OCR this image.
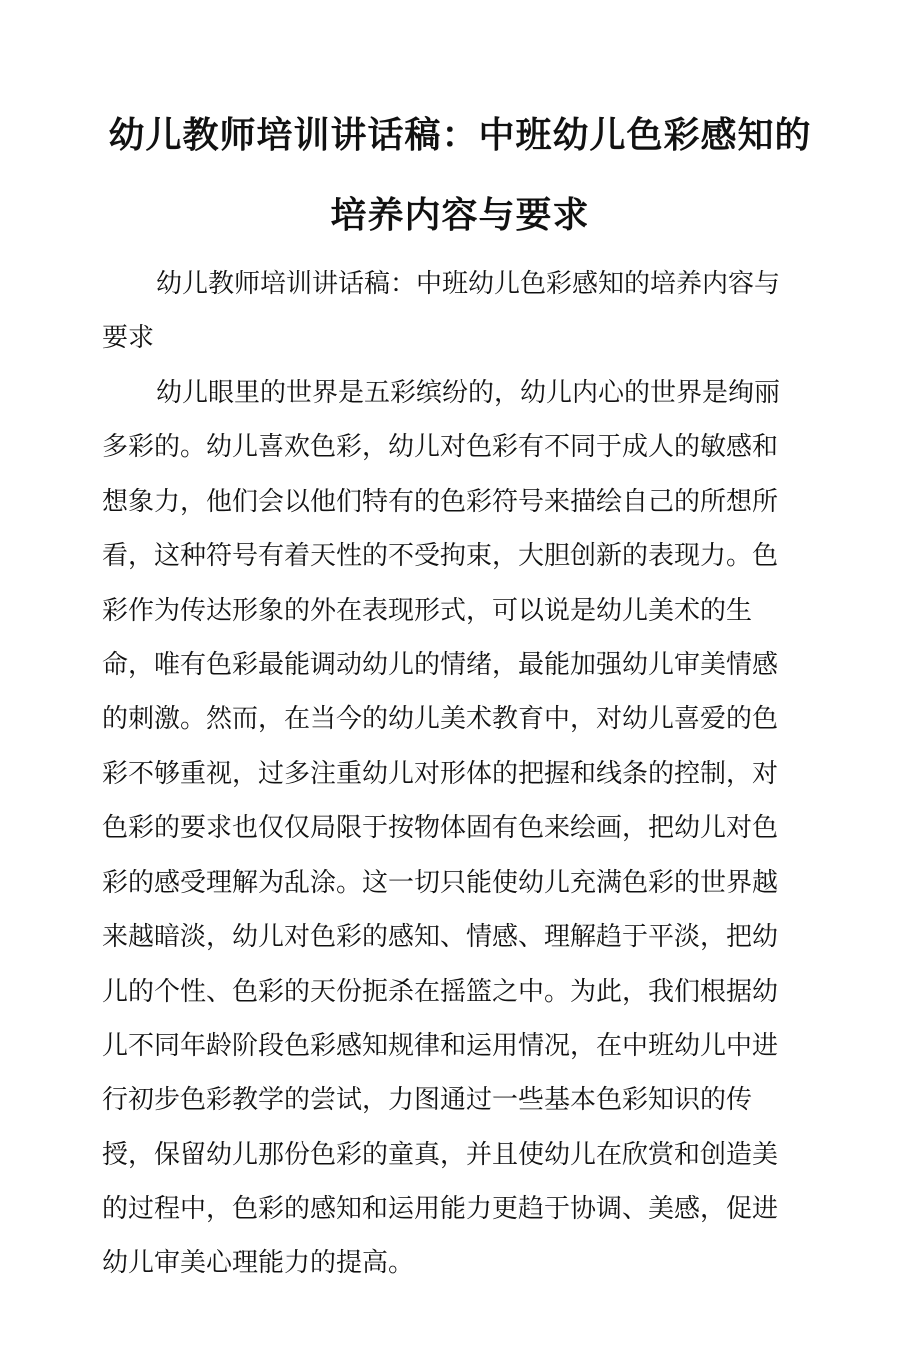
幼儿教师培训讲话稿：中班幼儿色彩感知的
培养内容与要求
幼儿教师培训讲话稿：中班幼儿色彩感知的培养内容与
要求
幼儿眼里的世界是五彩缤纷的，幼儿内心的世界是绚丽
多彩的。幼儿喜欢色彩，幼儿对色彩有不同于成人的敏感和
想象力，他们会以他们特有的色彩符号来描绘自己的所想所
看，这种符号有着天性的不受拘束，大胆创新的表现力。色
彩作为传达形象的外在表现形式，可以说是幼儿美术的生
命，唯有色彩最能调动幼儿的情绪，最能加强幼儿审美情感
的刺激。然而，在当今的幼儿美术教育中，对幼儿喜爱的色
彩不够重视，过多注重幼儿对形体的把握和线条的控制，对
色彩的要求也仅仅局限于按物体固有色来绘画，把幼儿对色
彩的感受理解为乱涂。这一切只能使幼儿充满色彩的世界越
来越暗淡，幼儿对色彩的感知、情感、理解趋于平淡，把幼
儿的个性、色彩的天份扼杀在摇篮之中。为此，我们根据幼
儿不同年龄阶段色彩感知规律和运用情况，在中班幼儿中进
行初步色彩教学的尝试，力图通过一些基本色彩知识的传
授，保留幼儿那份色彩的童真，并且使幼儿在欣赏和创造美
的过程中，色彩的感知和运用能力更趋于协调、美感，促进
幼儿审美心理能力的提高。
